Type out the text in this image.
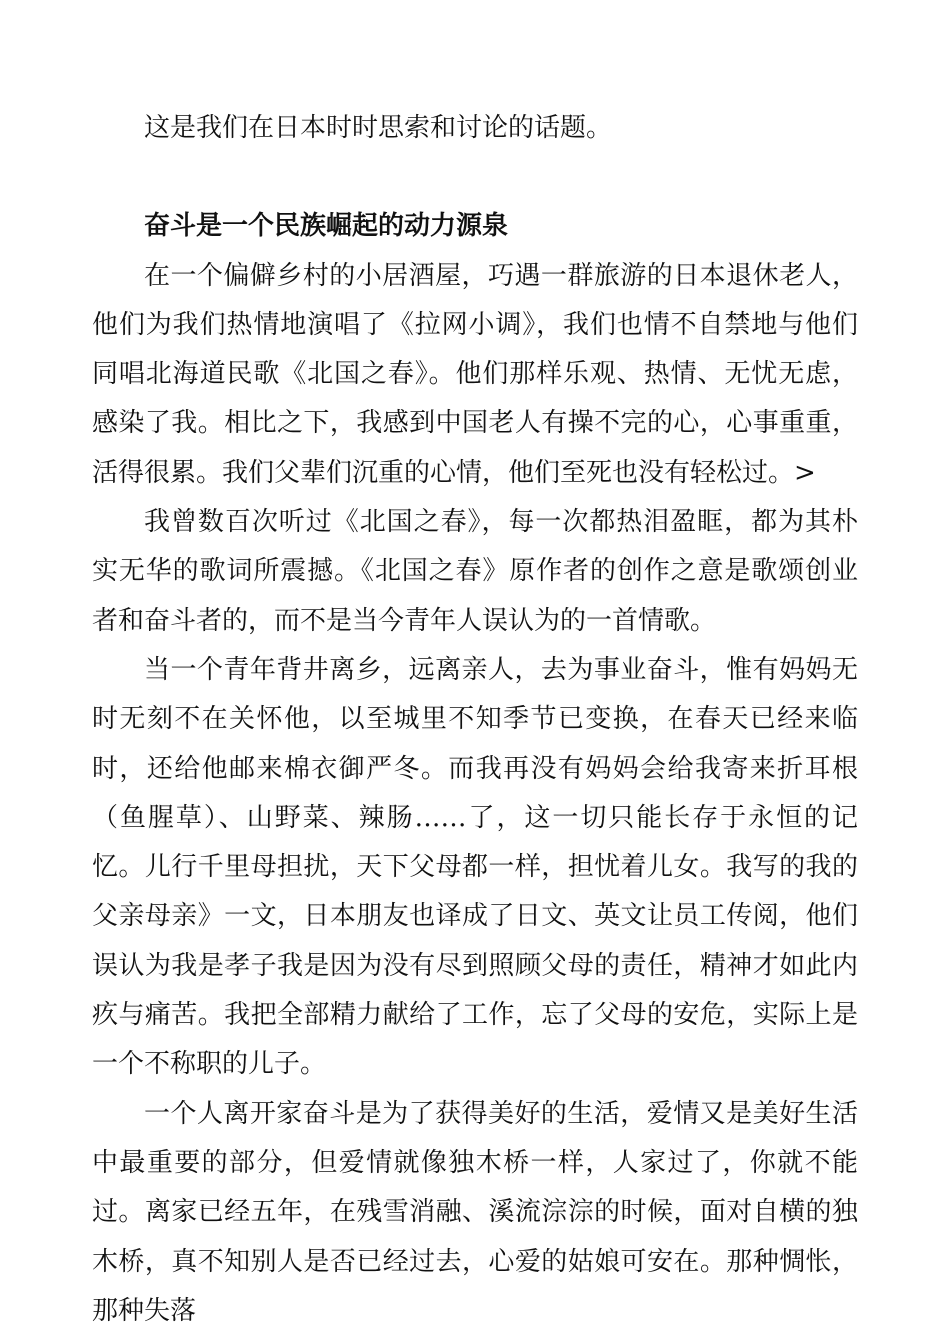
这是我们在日本时时思索和讨论的话题。

奋斗是一个民族崛起的动力源泉

在一个偏僻乡村的小居酒屋，巧遇一群旅游的日本退休老人，他们为我们热情地演唱了《拉网小调》，我们也情不自禁地与他们同唱北海道民歌《北国之春》。他们那样乐观、热情、无忧无虑，感染了我。相比之下，我感到中国老人有操不完的心，心事重重，活得很累。我们父辈们沉重的心情，他们至死也没有轻松过。>

我曾数百次听过《北国之春》，每一次都热泪盈眶，都为其朴实无华的歌词所震撼。《北国之春》原作者的创作之意是歌颂创业者和奋斗者的，而不是当今青年人误认为的一首情歌。

当一个青年背井离乡，远离亲人，去为事业奋斗，惟有妈妈无时无刻不在关怀他，以至城里不知季节已变换，在春天已经来临时，还给他邮来棉衣御严冬。而我再没有妈妈会给我寄来折耳根（鱼腥草）、山野菜、辣肠……了，这一切只能长存于永恒的记忆。儿行千里母担扰，天下父母都一样，担忧着儿女。我写的我的父亲母亲》一文，日本朋友也译成了日文、英文让员工传阅，他们误认为我是孝子我是因为没有尽到照顾父母的责任，精神才如此内疚与痛苦。我把全部精力献给了工作，忘了父母的安危，实际上是一个不称职的儿子。

一个人离开家奋斗是为了获得美好的生活，爱情又是美好生活中最重要的部分，但爱情就像独木桥一样，人家过了，你就不能过。离家已经五年，在残雪消融、溪流淙淙的时候，面对自横的独木桥，真不知别人是否已经过去，心爱的姑娘可安在。那种惆怅，那种失落
